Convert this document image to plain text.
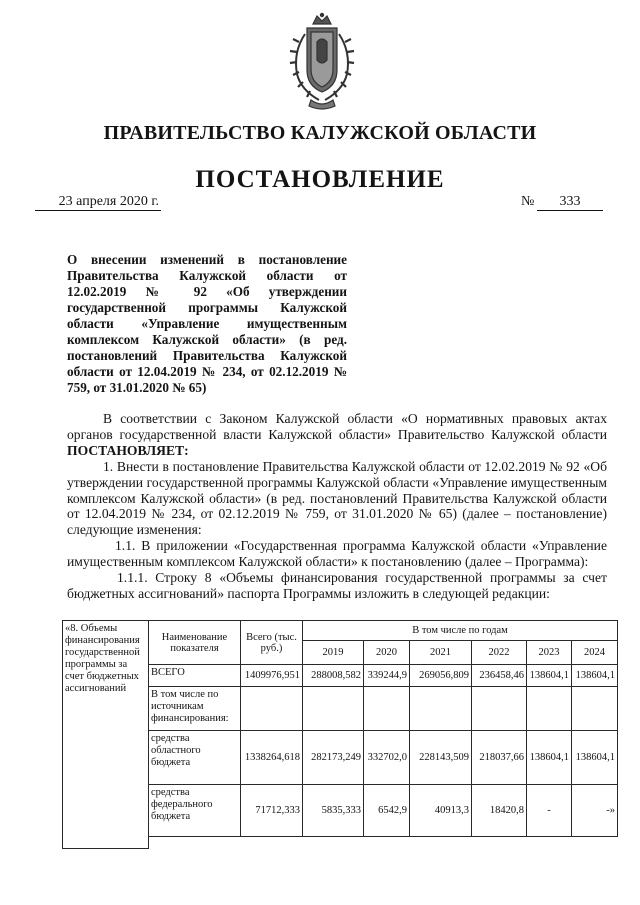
ПРАВИТЕЛЬСТВО КАЛУЖСКОЙ ОБЛАСТИ
ПОСТАНОВЛЕНИЕ
23 апреля 2020 г.	№	333
О внесении изменений в постановление Правительства Калужской области от 12.02.2019 № 92 «Об утверждении государственной программы Калужской области «Управление имущественным комплексом Калужской области» (в ред. постановлений Правительства Калужской области от 12.04.2019 № 234, от 02.12.2019 № 759, от 31.01.2020 № 65)

В соответствии с Законом Калужской области «О нормативных правовых актах органов государственной власти Калужской области» Правительство Калужской области ПОСТАНОВЛЯЕТ:

1. Внести в постановление Правительства Калужской области от 12.02.2019 № 92 «Об утверждении государственной программы Калужской области «Управление имущественным комплексом Калужской области» (в ред. постановлений Правительства Калужской области от 12.04.2019 № 234, от 02.12.2019 № 759, от 31.01.2020 № 65) (далее – постановление) следующие изменения:

1.1. В приложении «Государственная программа Калужской области «Управление имущественным комплексом Калужской области» к постановлению (далее – Программа):

1.1.1. Строку 8 «Объемы финансирования государственной программы за счет бюджетных ассигнований» паспорта Программы изложить в следующей редакции:

«8. Объемы финансирования государственной программы за счет бюджетных ассигнований	Наименование показателя	Всего (тыс. руб.)	В том числе по годам					
			2019	2020	2021	2022	2023	2024
	ВСЕГО	1409976,951	288008,582	339244,9	269056,809	236458,46	138604,1	138604,1
	В том числе по источникам финансирования:							
	средства областного бюджета	1338264,618	282173,249	332702,0	228143,509	218037,66	138604,1	138604,1
	средства федерального бюджета	71712,333	5835,333	6542,9	40913,3	18420,8	-	-»
